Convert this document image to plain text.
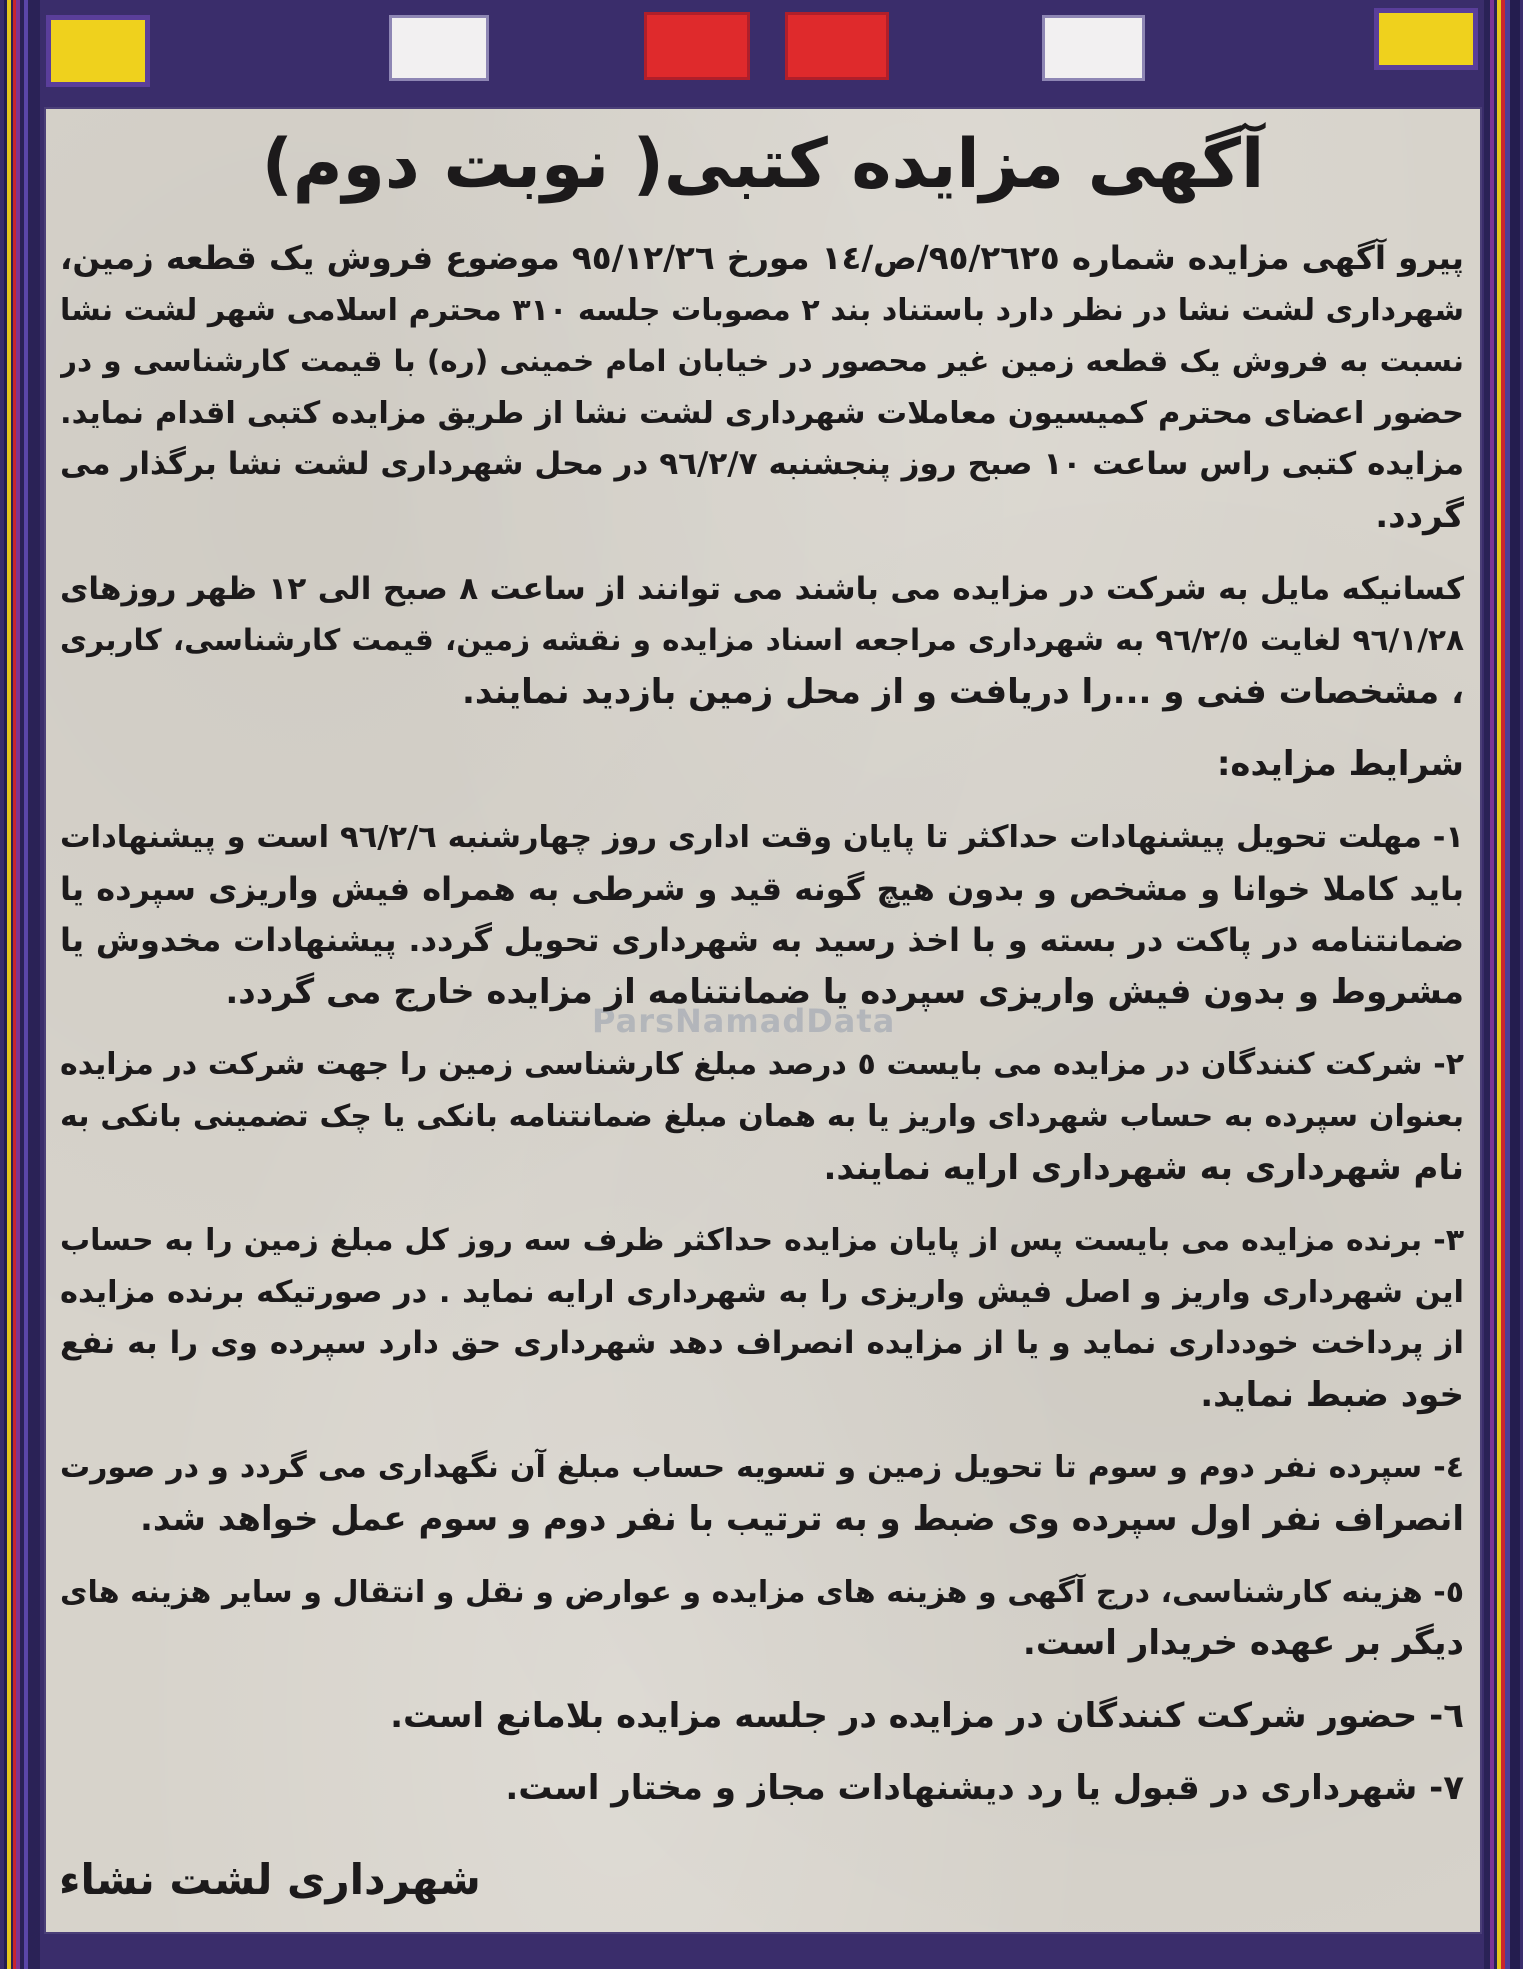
آگهی مزایده کتبی( نوبت دوم)
ParsNamadData
پیرو آگهی مزایده شماره ٩٥/٢٦٢٥/ص/١٤ مورخ ٩٥/١٢/٢٦ موضوع فروش یک قطعه زمین،
شهرداری لشت نشا در نظر دارد باستناد بند ٢ مصوبات جلسه ٣١٠ محترم اسلامی شهر لشت نشا
نسبت به فروش یک قطعه زمین غیر محصور در خیابان امام خمینی (ره) با قیمت کارشناسی و در
حضور اعضای محترم کمیسیون معاملات شهرداری لشت نشا از طریق مزایده کتبی اقدام نماید.
مزایده کتبی راس ساعت ١٠ صبح روز پنجشنبه ٩٦/٢/٧ در محل شهرداری لشت نشا برگذار می
گردد.
کسانیکه مایل به شرکت در مزایده می باشند می توانند از ساعت ٨ صبح الی ١٢ ظهر روزهای
٩٦/١/٢٨ لغایت ٩٦/٢/٥ به شهرداری مراجعه اسناد مزایده و نقشه زمین، قیمت کارشناسی، کاربری
، مشخصات فنی و ...را دریافت و از محل زمین بازدید نمایند.
شرایط مزایده:
١- مهلت تحویل پیشنهادات حداکثر تا پایان وقت اداری روز چهارشنبه ٩٦/٢/٦ است و پیشنهادات
باید کاملا خوانا و مشخص و بدون هیچ گونه قید و شرطی به همراه فیش واریزی سپرده یا
ضمانتنامه در پاکت در بسته و با اخذ رسید به شهرداری تحویل گردد. پیشنهادات مخدوش یا
مشروط و بدون فیش واریزی سپرده یا ضمانتنامه از مزایده خارج می گردد.
٢- شرکت کنندگان در مزایده می بایست ٥ درصد مبلغ کارشناسی زمین را جهت شرکت در مزایده
بعنوان سپرده به حساب شهردای واریز یا به همان مبلغ ضمانتنامه بانکی یا چک تضمینی بانکی به
نام شهرداری به شهرداری ارایه نمایند.
٣- برنده مزایده می بایست پس از پایان مزایده حداکثر ظرف سه روز کل مبلغ زمین را به حساب
این شهرداری واریز و اصل فیش واریزی را به شهرداری ارایه نماید . در صورتیکه برنده مزایده
از پرداخت خودداری نماید و یا از مزایده انصراف دهد شهرداری حق دارد سپرده وی را به نفع
خود ضبط نماید.
٤- سپرده نفر دوم و سوم تا تحویل زمین و تسویه حساب مبلغ آن نگهداری می گردد و در صورت
انصراف نفر اول سپرده وی ضبط و به ترتیب با نفر دوم و سوم عمل خواهد شد.
٥- هزینه کارشناسی، درج آگهی و هزینه های مزایده و عوارض و نقل و انتقال و سایر هزینه های
دیگر بر عهده خریدار است.
٦- حضور شرکت کنندگان در مزایده در جلسه مزایده بلامانع است.
٧- شهرداری در قبول یا رد دیشنهادات مجاز و مختار است.
شهرداری لشت نشاء
